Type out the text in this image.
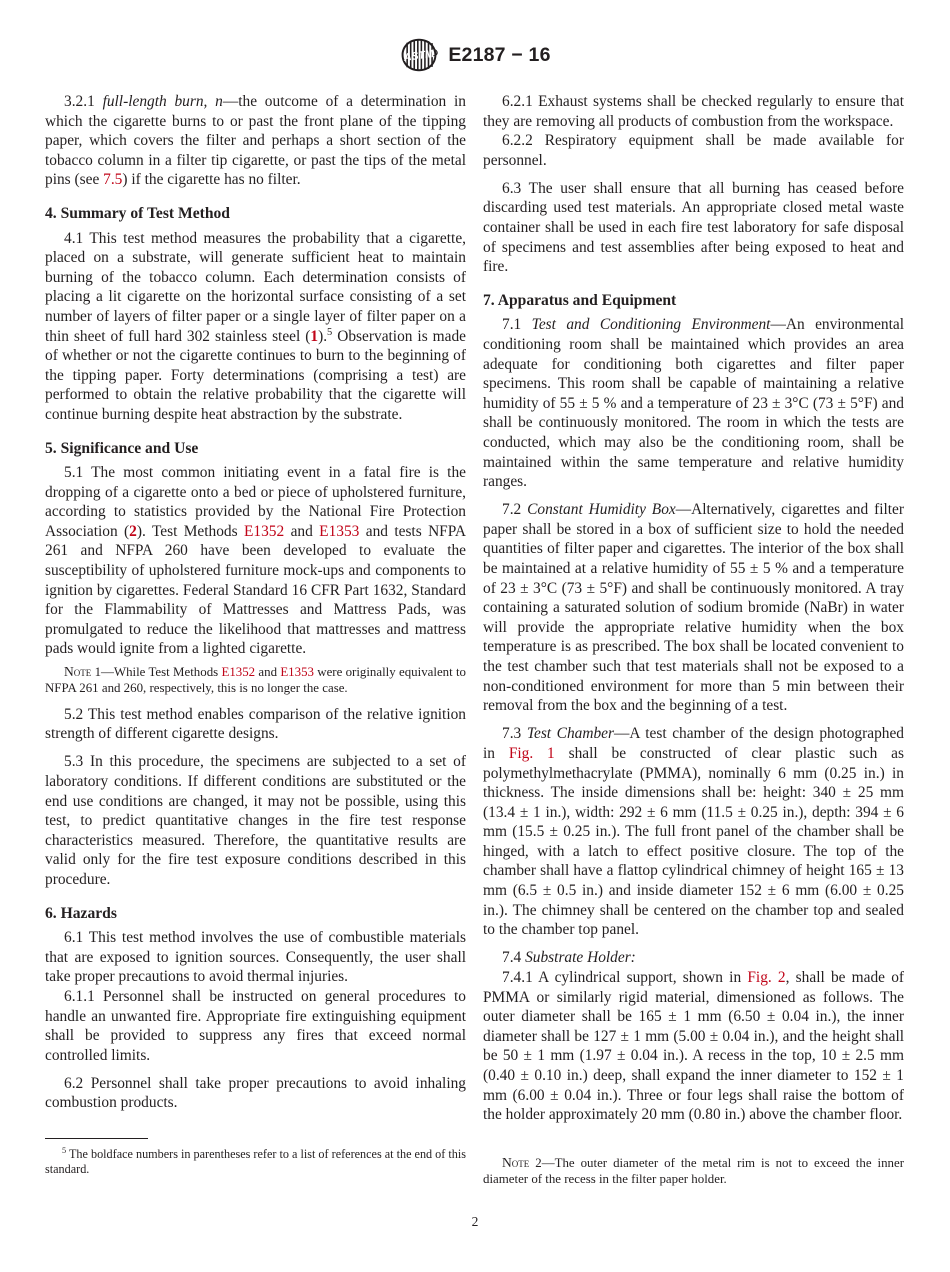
ASTM E2187 − 16

3.2.1 full-length burn, n—the outcome of a determination in which the cigarette burns to or past the front plane of the tipping paper, which covers the filter and perhaps a short section of the tobacco column in a filter tip cigarette, or past the tips of the metal pins (see 7.5) if the cigarette has no filter.

4. Summary of Test Method

4.1 This test method measures the probability that a cigarette, placed on a substrate, will generate sufficient heat to maintain burning of the tobacco column. Each determination consists of placing a lit cigarette on the horizontal surface consisting of a set number of layers of filter paper or a single layer of filter paper on a thin sheet of full hard 302 stainless steel (1).$^5$ Observation is made of whether or not the cigarette continues to burn to the beginning of the tipping paper. Forty determinations (comprising a test) are performed to obtain the relative probability that the cigarette will continue burning despite heat abstraction by the substrate.

5. Significance and Use

5.1 The most common initiating event in a fatal fire is the dropping of a cigarette onto a bed or piece of upholstered furniture, according to statistics provided by the National Fire Protection Association (2). Test Methods E1352 and E1353 and tests NFPA 261 and NFPA 260 have been developed to evaluate the susceptibility of upholstered furniture mock-ups and components to ignition by cigarettes. Federal Standard 16 CFR Part 1632, Standard for the Flammability of Mattresses and Mattress Pads, was promulgated to reduce the likelihood that mattresses and mattress pads would ignite from a lighted cigarette.

Note 1—While Test Methods E1352 and E1353 were originally equivalent to NFPA 261 and 260, respectively, this is no longer the case.

5.2 This test method enables comparison of the relative ignition strength of different cigarette designs.

5.3 In this procedure, the specimens are subjected to a set of laboratory conditions. If different conditions are substituted or the end use conditions are changed, it may not be possible, using this test, to predict quantitative changes in the fire test response characteristics measured. Therefore, the quantitative results are valid only for the fire test exposure conditions described in this procedure.

6. Hazards

6.1 This test method involves the use of combustible materials that are exposed to ignition sources. Consequently, the user shall take proper precautions to avoid thermal injuries.

6.1.1 Personnel shall be instructed on general procedures to handle an unwanted fire. Appropriate fire extinguishing equipment shall be provided to suppress any fires that exceed normal controlled limits.

6.2 Personnel shall take proper precautions to avoid inhaling combustion products.

6.2.1 Exhaust systems shall be checked regularly to ensure that they are removing all products of combustion from the workspace.

6.2.2 Respiratory equipment shall be made available for personnel.

6.3 The user shall ensure that all burning has ceased before discarding used test materials. An appropriate closed metal waste container shall be used in each fire test laboratory for safe disposal of specimens and test assemblies after being exposed to heat and fire.

7. Apparatus and Equipment

7.1 Test and Conditioning Environment—An environmental conditioning room shall be maintained which provides an area adequate for conditioning both cigarettes and filter paper specimens. This room shall be capable of maintaining a relative humidity of 55 ± 5 % and a temperature of 23 ± 3°C (73 ± 5°F) and shall be continuously monitored. The room in which the tests are conducted, which may also be the conditioning room, shall be maintained within the same temperature and relative humidity ranges.

7.2 Constant Humidity Box—Alternatively, cigarettes and filter paper shall be stored in a box of sufficient size to hold the needed quantities of filter paper and cigarettes. The interior of the box shall be maintained at a relative humidity of 55 ± 5 % and a temperature of 23 ± 3°C (73 ± 5°F) and shall be continuously monitored. A tray containing a saturated solution of sodium bromide (NaBr) in water will provide the appropriate relative humidity when the box temperature is as prescribed. The box shall be located convenient to the test chamber such that test materials shall not be exposed to a non-conditioned environment for more than 5 min between their removal from the box and the beginning of a test.

7.3 Test Chamber—A test chamber of the design photographed in Fig. 1 shall be constructed of clear plastic such as polymethylmethacrylate (PMMA), nominally 6 mm (0.25 in.) in thickness. The inside dimensions shall be: height: 340 ± 25 mm (13.4 ± 1 in.), width: 292 ± 6 mm (11.5 ± 0.25 in.), depth: 394 ± 6 mm (15.5 ± 0.25 in.). The full front panel of the chamber shall be hinged, with a latch to effect positive closure. The top of the chamber shall have a flattop cylindrical chimney of height 165 ± 13 mm (6.5 ± 0.5 in.) and inside diameter 152 ± 6 mm (6.00 ± 0.25 in.). The chimney shall be centered on the chamber top and sealed to the chamber top panel.

7.4 Substrate Holder:

7.4.1 A cylindrical support, shown in Fig. 2, shall be made of PMMA or similarly rigid material, dimensioned as follows. The outer diameter shall be 165 ± 1 mm (6.50 ± 0.04 in.), the inner diameter shall be 127 ± 1 mm (5.00 ± 0.04 in.), and the height shall be 50 ± 1 mm (1.97 ± 0.04 in.). A recess in the top, 10 ± 2.5 mm (0.40 ± 0.10 in.) deep, shall expand the inner diameter to 152 ± 1 mm (6.00 ± 0.04 in.). Three or four legs shall raise the bottom of the holder approximately 20 mm (0.80 in.) above the chamber floor.

$^5$ The boldface numbers in parentheses refer to a list of references at the end of this standard.	Note 2—The outer diameter of the metal rim is not to exceed the inner diameter of the recess in the filter paper holder.

2
